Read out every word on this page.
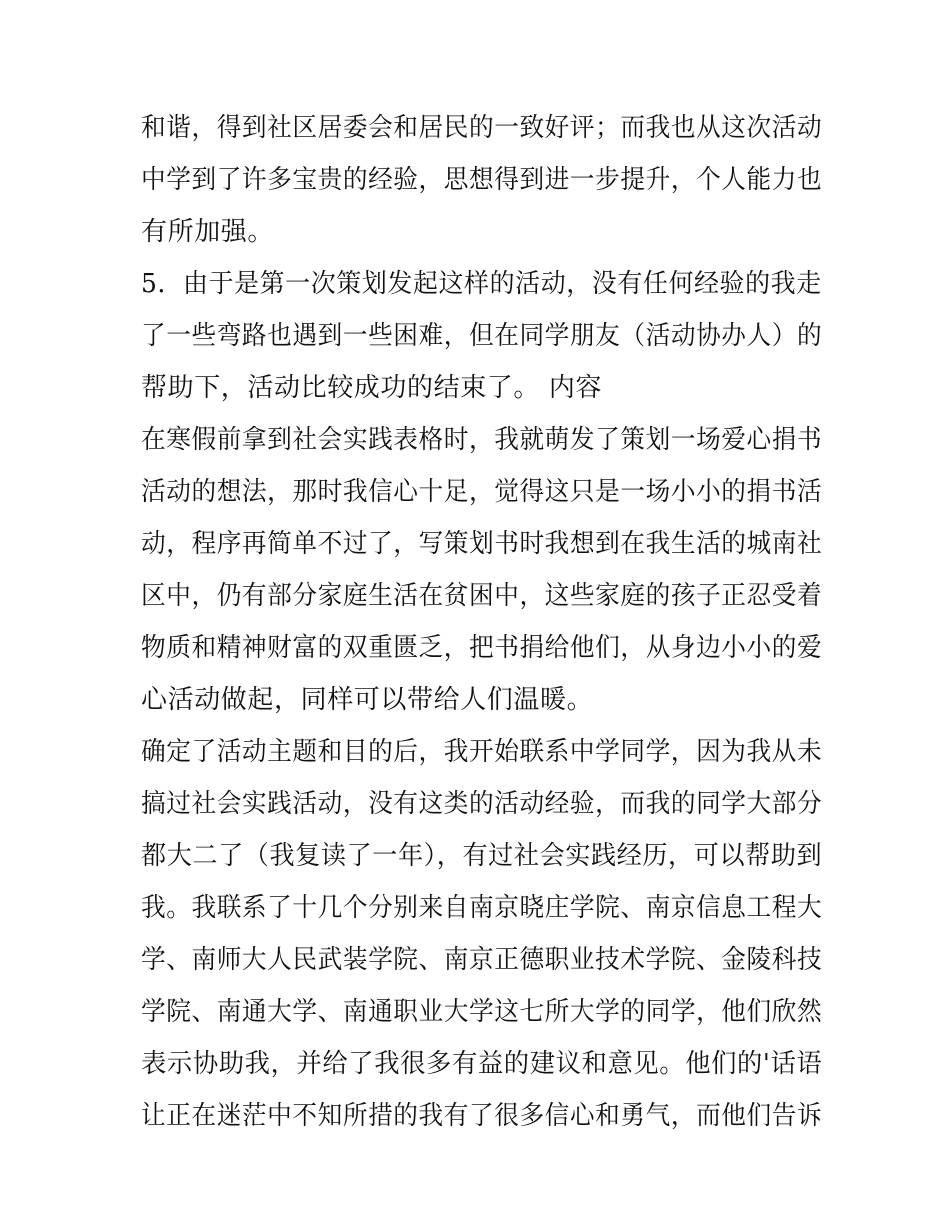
和谐，得到社区居委会和居民的一致好评；而我也从这次活动
中学到了许多宝贵的经验，思想得到进一步提升，个人能力也
有所加强。
5．由于是第一次策划发起这样的活动，没有任何经验的我走
了一些弯路也遇到一些困难，但在同学朋友（活动协办人）的
帮助下，活动比较成功的结束了。 内容
在寒假前拿到社会实践表格时，我就萌发了策划一场爱心捐书
活动的想法，那时我信心十足，觉得这只是一场小小的捐书活
动，程序再简单不过了，写策划书时我想到在我生活的城南社
区中，仍有部分家庭生活在贫困中，这些家庭的孩子正忍受着
物质和精神财富的双重匮乏，把书捐给他们，从身边小小的爱
心活动做起，同样可以带给人们温暖。
确定了活动主题和目的后，我开始联系中学同学，因为我从未
搞过社会实践活动，没有这类的活动经验，而我的同学大部分
都大二了（我复读了一年），有过社会实践经历，可以帮助到
我。我联系了十几个分别来自南京晓庄学院、南京信息工程大
学、南师大人民武装学院、南京正德职业技术学院、金陵科技
学院、南通大学、南通职业大学这七所大学的同学，他们欣然
表示协助我，并给了我很多有益的建议和意见。他们的'话语
让正在迷茫中不知所措的我有了很多信心和勇气，而他们告诉
